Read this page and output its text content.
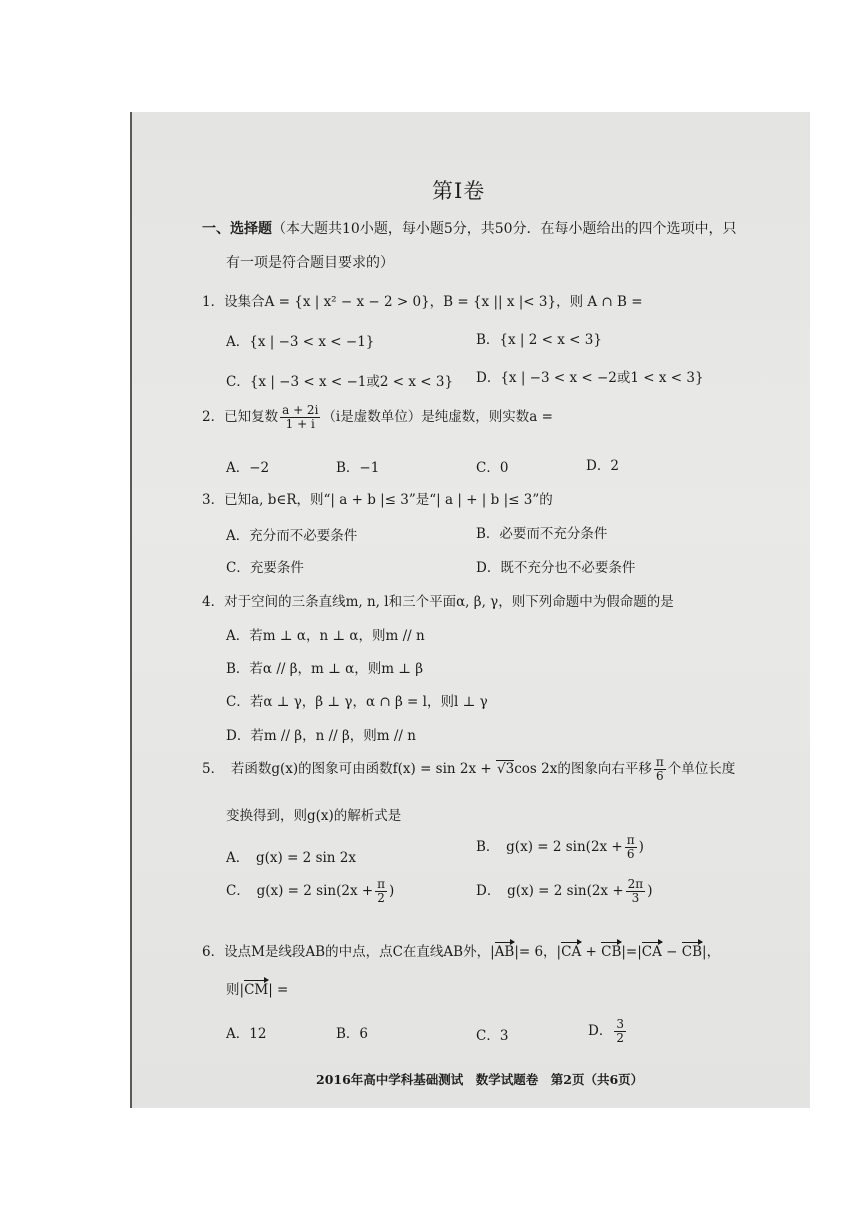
第Ⅰ卷
一、选择题（本大题共10小题，每小题5分，共50分．在每小题给出的四个选项中，只
有一项是符合题目要求的）
1．设集合A = {x | x² − x − 2 > 0}，B = {x || x |< 3}，则 A ∩ B =
A．{x | −3 < x < −1}	B．{x | 2 < x < 3}
C．{x | −3 < x < −1或2 < x < 3} D．{x | −3 < x < −2或1 < x < 3}
2．已知复数 $\frac{a + 2i}{1 + i} (i$是虚数单位）是纯虚数，则实数a =
A．−2	B．−1	C．0	D．2
3．已知a, b∈R，则“| a + b |≤ 3”是“| a | + | b |≤ 3”的
A．充分而不必要条件	B．必要而不充分条件
C．充要条件	D．既不充分也不必要条件
4．对于空间的三条直线m, n, l和三个平面α, β, γ，则下列命题中为假命题的是
A．若m ⊥ α，n ⊥ α，则m // n
B．若α // β，m ⊥ α，则m ⊥ β
C．若α ⊥ γ，β ⊥ γ，α ∩ β = l，则l ⊥ γ
D．若m // β，n // β，则m // n
5．　若函数g(x)的图象可由函数f(x) = sin 2x + √3cos 2x的图象向右平移 $\frac{\pi}{6}$ 个单位长度
变换得到，则g(x)的解析式是
A．　g(x) = 2 sin 2x
B．　g(x) = 2 $\sin(2x + \frac{\pi}{6}$ )
C．　g(x) = 2 $\sin(2x + \frac{\pi}{2}$ )	D．　g(x) = 2 $\sin(2x + \frac{2\pi}{3}$ )
6．设点M是线段AB的中点，点C在直线AB外，|AB|= 6，|CA + CB|=|CA − CB|，
则|CM| =
A．12	B．6	C．3	D． $\frac{3}{2}$
2016年高中学科基础测试　数学试题卷　第2页（共6页）
